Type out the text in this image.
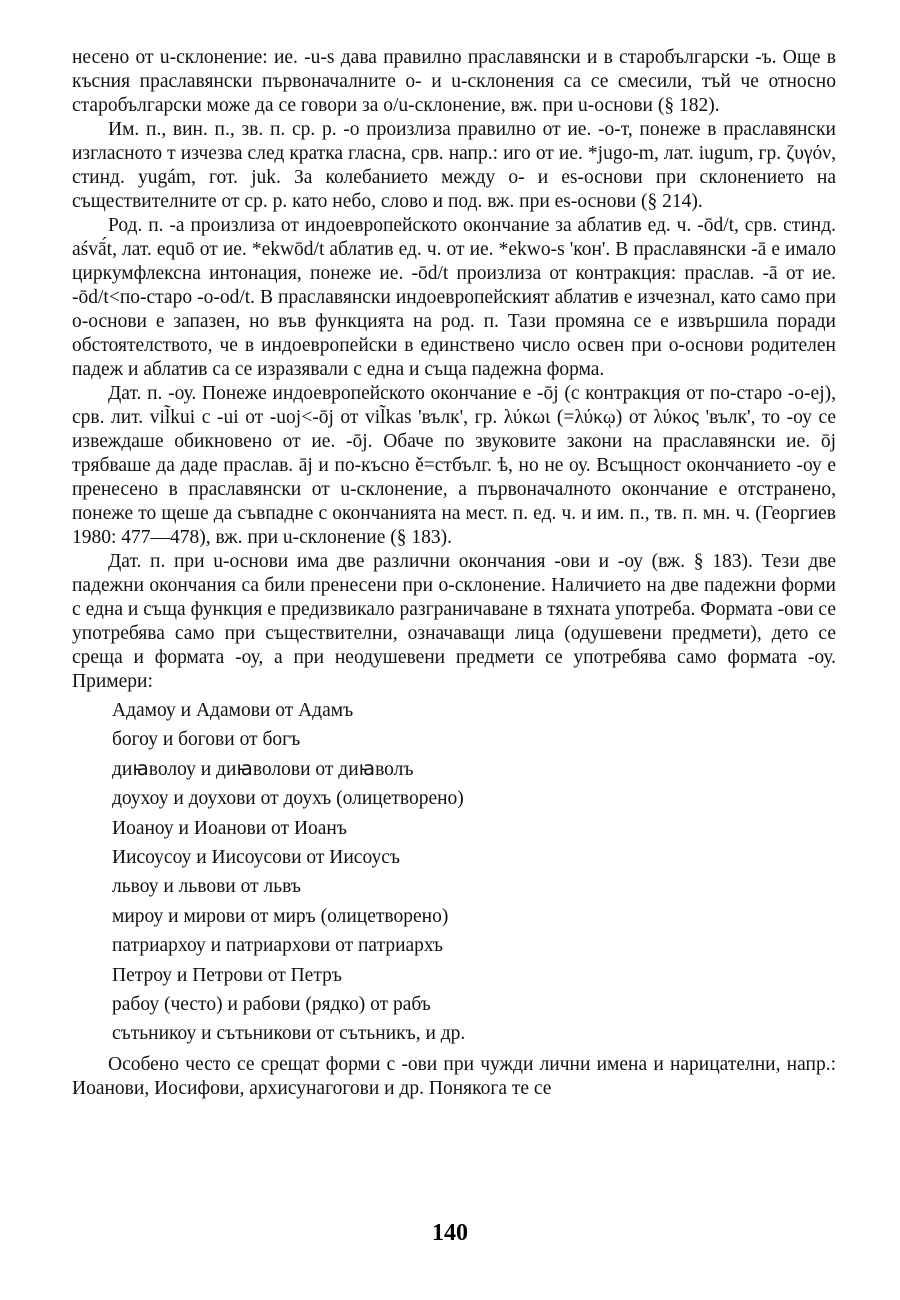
несено от u-склонение: ие. -u-s дава правилно праславянски и в старобългарски -ъ. Още в късния праславянски първоначалните о- и u-склонения са се смесили, тъй че относно старобългарски може да се говори за о/u-склонение, вж. при u-основи (§ 182).

Им. п., вин. п., зв. п. ср. р. -о произлиза правилно от ие. -о-т, понеже в праславянски изгласното т изчезва след кратка гласна, срв. напр.: иго от ие. *jugo-m, лат. iugum, гр. ζυγόν, стинд. yugám, гот. juk. За колебанието между о- и es-основи при склонението на съществителните от ср. р. като небо, слово и под. вж. при es-основи (§ 214).

Род. п. -а произлиза от индоевропейското окончание за аблатив ед. ч. -ōd/t, срв. стинд. aśvā́t, лат. equō от ие. *ekwōd/t аблатив ед. ч. от ие. *ekwo-s 'кон'. В праславянски -ā е имало циркумфлексна интонация, понеже ие. -ōd/t произлиза от контракция: праслав. -ā от ие. -ōd/t<по-старо -o-od/t. В праславянски индоевропейският аблатив е изчезнал, като само при о-основи е запазен, но във функцията на род. п. Тази промяна се е извършила поради обстоятелството, че в индоевропейски в единствено число освен при о-основи родителен падеж и аблатив са се изразявали с една и съща падежна форма.

Дат. п. -оу. Понеже индоевропейското окончание е -ōj (с контракция от по-старо -o-ej), срв. лит. vil̃kui с -ui от -uoj<-ōj от vil̃kas 'вълк', гр. λύκωι (=λύκῳ) от λύκος 'вълк', то -оу се извеждаше обикновено от ие. -ōj. Обаче по звуковите закони на праславянски ие. ōj трябваше да даде праслав. āj и по-късно ě=стбълг. ѣ, но не оу. Всъщност окончанието -оу е пренесено в праславянски от u-склонение, а първоначалното окончание е отстранено, понеже то щеше да съвпадне с окончанията на мест. п. ед. ч. и им. п., тв. п. мн. ч. (Георгиев 1980: 477—478), вж. при u-склонение (§ 183).

Дат. п. при u-основи има две различни окончания -ови и -оу (вж. § 183). Тези две падежни окончания са били пренесени при о-склонение. Наличието на две падежни форми с една и съща функция е предизвикало разграничаване в тяхната употреба. Формата -ови се употребява само при съществителни, означаващи лица (одушевени предмети), дето се среща и формата -оу, а при неодушевени предмети се употребява само формата -оу. Примери:

Адамоу и Адамови от Адамъ
богоу и богови от богъ
диꙗволоу и диꙗволови от диꙗволъ
доухоу и доухови от доухъ (олицетворено)
Иоаноу и Иоанови от Иоанъ
Иисоусоу и Иисоусови от Иисоусъ
львоу и львови от львъ
мироу и мирови от миръ (олицетворено)
патриархоу и патриархови от патриархъ
Петроу и Петрови от Петръ
рабоу (често) и рабови (рядко) от рабъ
сътьникоу и сътьникови от сътьникъ, и др.

Особено често се срещат форми с -ови при чужди лични имена и нарицателни, напр.: Иоанови, Иосифови, архисунагогови и др. Понякога те се

140
